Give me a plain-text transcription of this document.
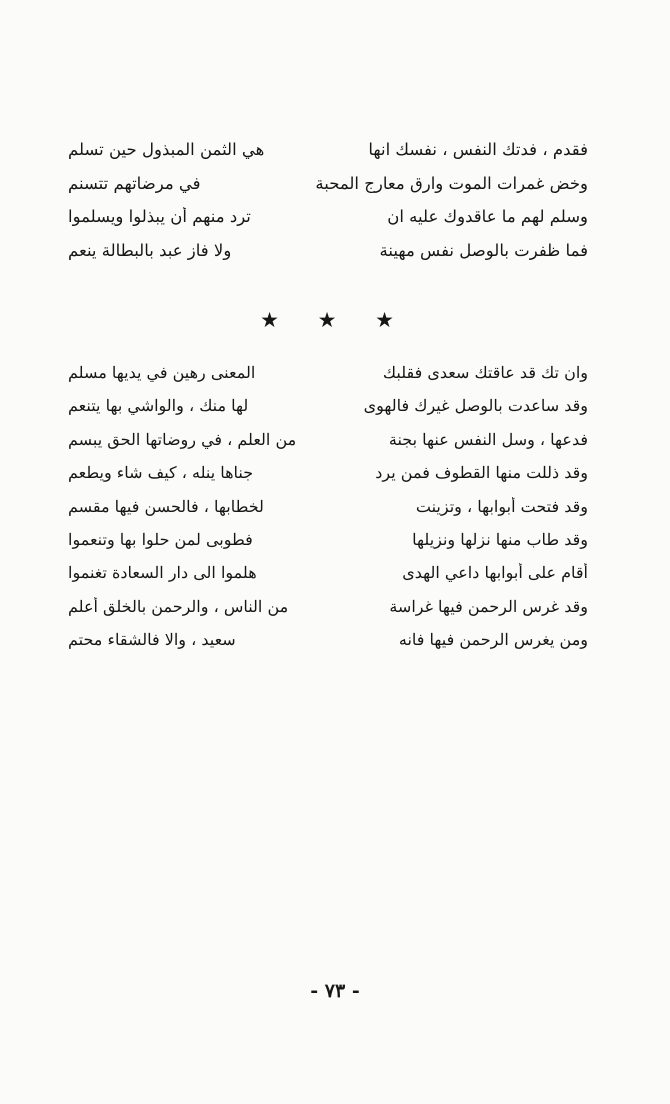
فقدم ، فدتك النفس ، نفسك انها
هي الثمن المبذول حين تسلم
وخض غمرات الموت وارق معارج المحبة
في مرضاتهم تتسنم
وسلم لهم ما عاقدوك عليه ان
ترد منهم أن يبذلوا ويسلموا
فما ظفرت بالوصل نفس مهينة
ولا فاز عبد بالبطالة ينعم
★ ★ ★
وان تك قد عاقتك سعدى فقلبك
المعنى رهين في يديها مسلم
وقد ساعدت بالوصل غيرك فالهوى
لها منك ، والواشي بها يتنعم
فدعها ، وسل النفس عنها بجنة
من العلم ، في روضاتها الحق يبسم
وقد ذللت منها القطوف فمن يرد
جناها ينله ، كيف شاء ويطعم
وقد فتحت أبوابها ، وتزينت
لخطابها ، فالحسن فيها مقسم
وقد طاب منها نزلها ونزيلها
فطوبى لمن حلوا بها وتنعموا
أقام على أبوابها داعي الهدى
هلموا الى دار السعادة تغنموا
وقد غرس الرحمن فيها غراسة
من الناس ، والرحمن بالخلق أعلم
ومن يغرس الرحمن فيها فانه
سعيد ، والا فالشقاء محتم
- ٧٣ -
